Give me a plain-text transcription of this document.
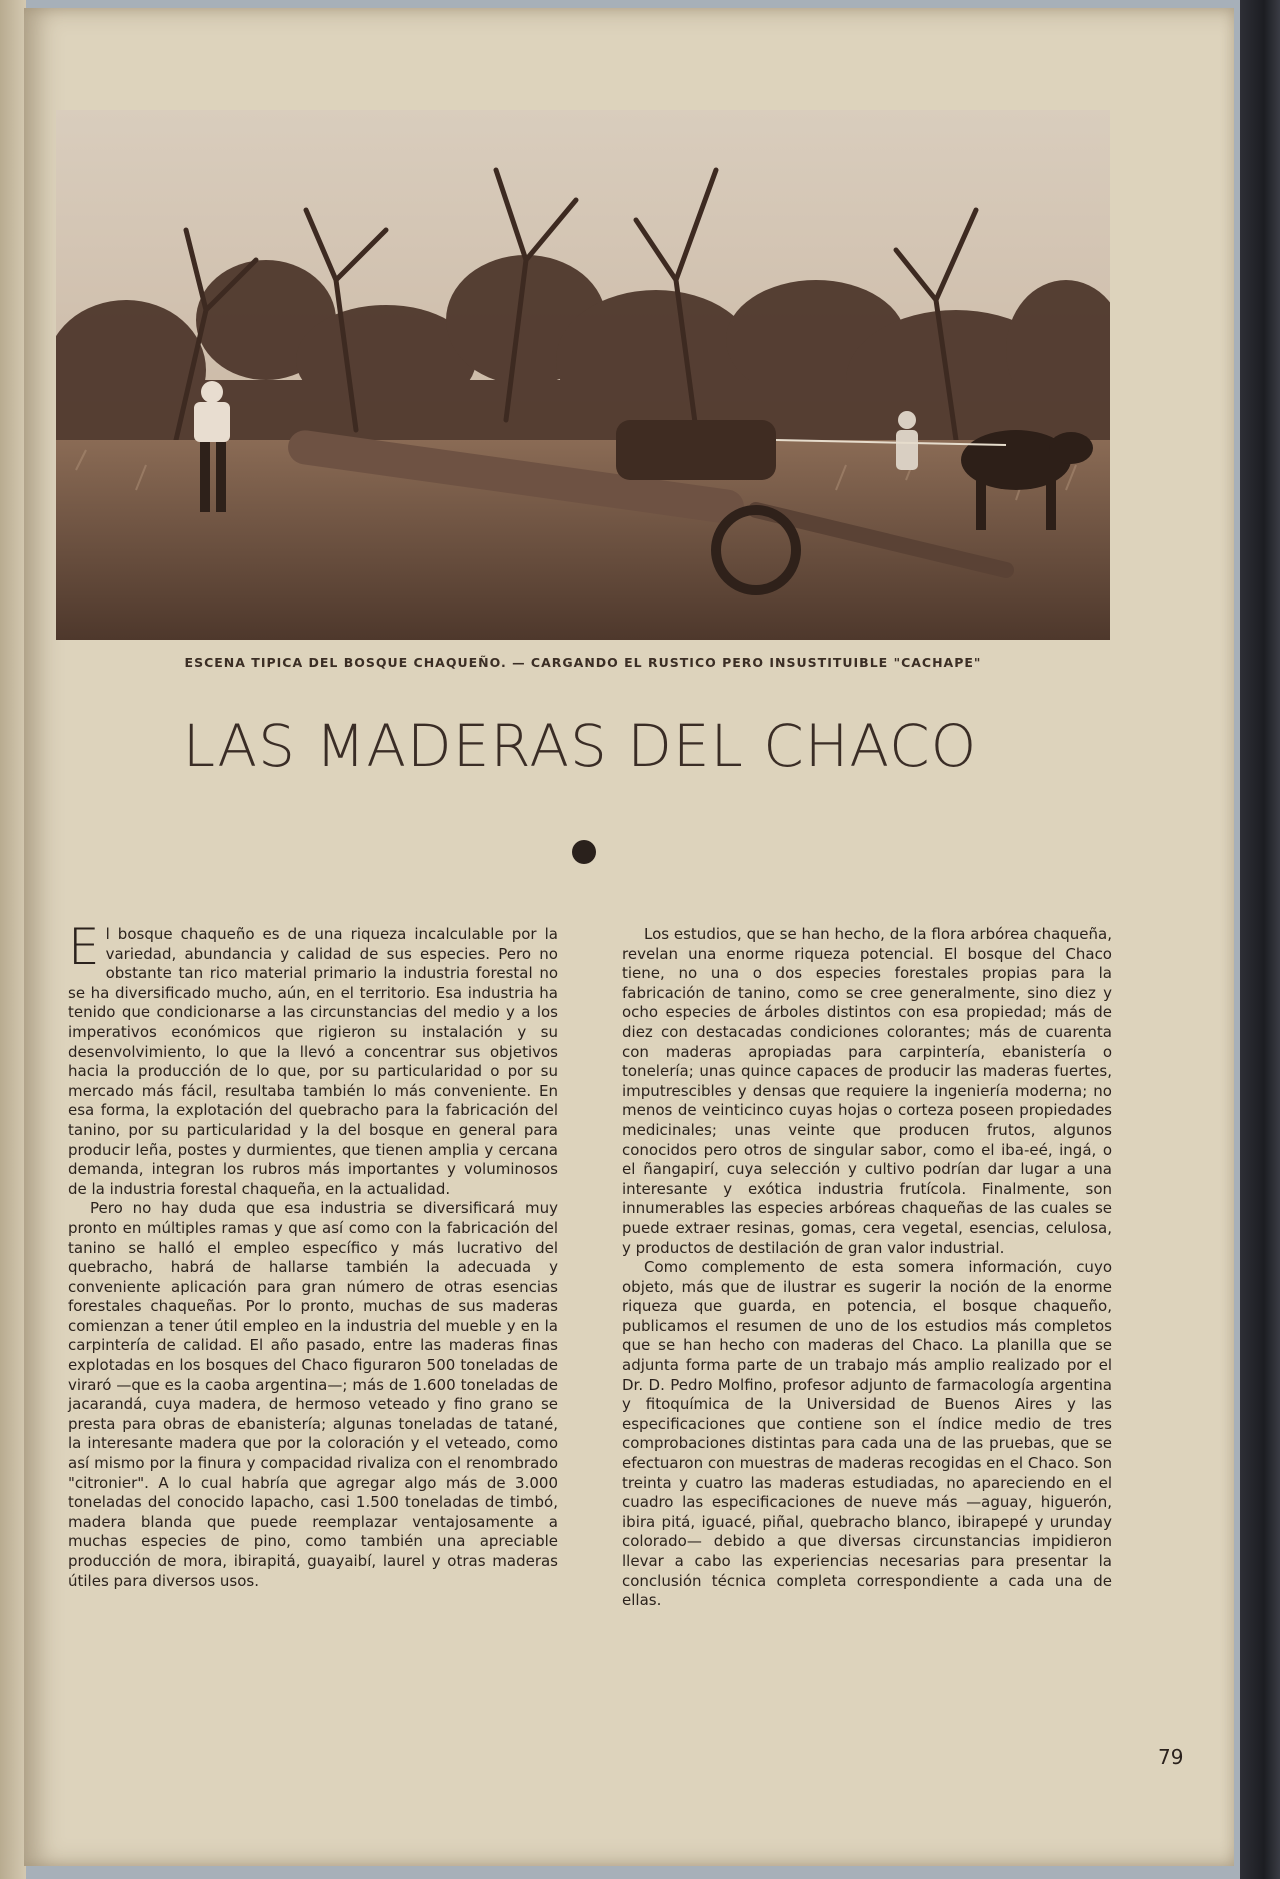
ESCENA TIPICA DEL BOSQUE CHAQUEÑO. — CARGANDO EL RUSTICO PERO INSUSTITUIBLE "CACHAPE"
LAS MADERAS DEL CHACO
E l bosque chaqueño es de una riqueza incalculable por la variedad, abundancia y calidad de sus especies. Pero no obstante tan rico material primario la industria forestal no se ha diversificado mucho, aún, en el territorio. Esa industria ha tenido que condicionarse a las circunstancias del medio y a los imperativos económicos que rigieron su instalación y su desenvolvimiento, lo que la llevó a concentrar sus objetivos hacia la producción de lo que, por su particularidad o por su mercado más fácil, resultaba también lo más conveniente. En esa forma, la explotación del quebracho para la fabricación del tanino, por su particularidad y la del bosque en general para producir leña, postes y durmientes, que tienen amplia y cercana demanda, integran los rubros más importantes y voluminosos de la industria forestal chaqueña, en la actualidad.

Pero no hay duda que esa industria se diversificará muy pronto en múltiples ramas y que así como con la fabricación del tanino se halló el empleo específico y más lucrativo del quebracho, habrá de hallarse también la adecuada y conveniente aplicación para gran número de otras esencias forestales chaqueñas. Por lo pronto, muchas de sus maderas comienzan a tener útil empleo en la industria del mueble y en la carpintería de calidad. El año pasado, entre las maderas finas explotadas en los bosques del Chaco figuraron 500 toneladas de viraró —que es la caoba argentina—; más de 1.600 toneladas de jacarandá, cuya madera, de hermoso veteado y fino grano se presta para obras de ebanistería; algunas toneladas de tatané, la interesante madera que por la coloración y el veteado, como así mismo por la finura y compacidad rivaliza con el renombrado "citronier". A lo cual habría que agregar algo más de 3.000 toneladas del conocido lapacho, casi 1.500 toneladas de timbó, madera blanda que puede reemplazar ventajosamente a muchas especies de pino, como también una apreciable producción de mora, ibirapitá, guayaibí, laurel y otras maderas útiles para diversos usos.

Los estudios, que se han hecho, de la flora arbórea chaqueña, revelan una enorme riqueza potencial. El bosque del Chaco tiene, no una o dos especies forestales propias para la fabricación de tanino, como se cree generalmente, sino diez y ocho especies de árboles distintos con esa propiedad; más de diez con destacadas condiciones colorantes; más de cuarenta con maderas apropiadas para carpintería, ebanistería o tonelería; unas quince capaces de producir las maderas fuertes, imputrescibles y densas que requiere la ingeniería moderna; no menos de veinticinco cuyas hojas o corteza poseen propiedades medicinales; unas veinte que producen frutos, algunos conocidos pero otros de singular sabor, como el iba-eé, ingá, o el ñangapirí, cuya selección y cultivo podrían dar lugar a una interesante y exótica industria frutícola. Finalmente, son innumerables las especies arbóreas chaqueñas de las cuales se puede extraer resinas, gomas, cera vegetal, esencias, celulosa, y productos de destilación de gran valor industrial.

Como complemento de esta somera información, cuyo objeto, más que de ilustrar es sugerir la noción de la enorme riqueza que guarda, en potencia, el bosque chaqueño, publicamos el resumen de uno de los estudios más completos que se han hecho con maderas del Chaco. La planilla que se adjunta forma parte de un trabajo más amplio realizado por el Dr. D. Pedro Molfino, profesor adjunto de farmacología argentina y fitoquímica de la Universidad de Buenos Aires y las especificaciones que contiene son el índice medio de tres comprobaciones distintas para cada una de las pruebas, que se efectuaron con muestras de maderas recogidas en el Chaco. Son treinta y cuatro las maderas estudiadas, no apareciendo en el cuadro las especificaciones de nueve más —aguay, higuerón, ibira pitá, iguacé, piñal, quebracho blanco, ibirapepé y urunday colorado— debido a que diversas circunstancias impidieron llevar a cabo las experiencias necesarias para presentar la conclusión técnica completa correspondiente a cada una de ellas.

79
